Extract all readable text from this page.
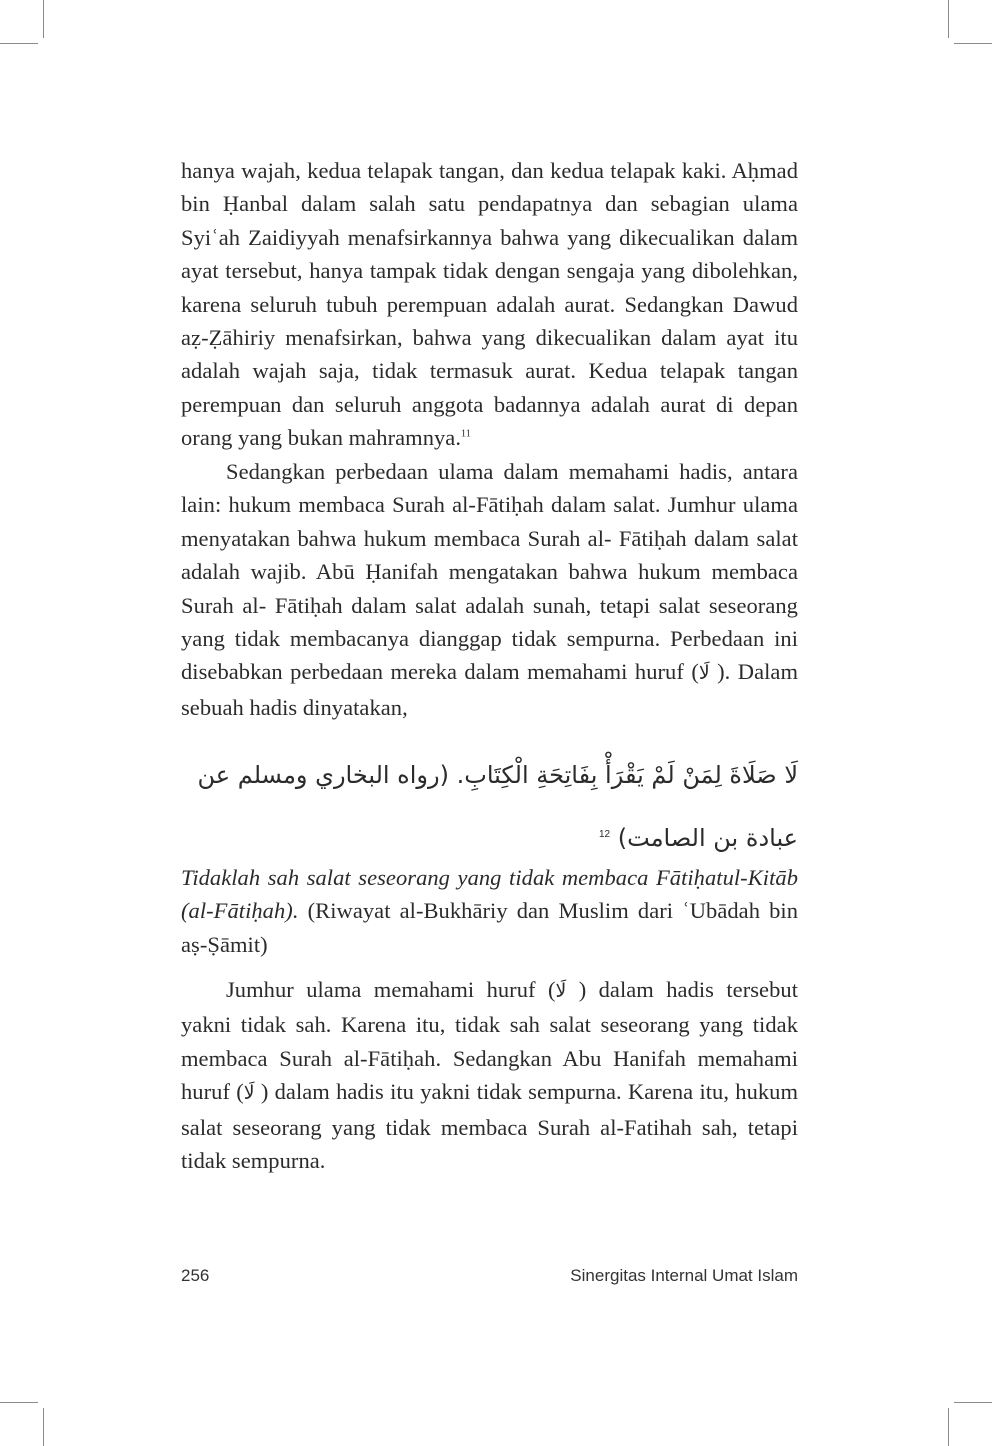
hanya wajah, kedua telapak tangan, dan kedua telapak kaki. Aḥmad bin Ḥanbal dalam salah satu pendapatnya dan sebagian ulama Syiʿah Zaidiyyah menafsirkannya bahwa yang dikecualikan dalam ayat tersebut, hanya tampak tidak dengan sengaja yang dibolehkan, karena seluruh tubuh perempuan adalah aurat. Sedangkan Dawud aẓ-Ẓāhiriy menafsirkan, bahwa yang dikecualikan dalam ayat itu adalah wajah saja, tidak termasuk aurat. Kedua telapak tangan perempuan dan seluruh anggota badannya adalah aurat di depan orang yang bukan mahramnya.$^{11}$

Sedangkan perbedaan ulama dalam memahami hadis, antara lain: hukum membaca Surah al-Fātiḥah dalam salat. Jumhur ulama menyatakan bahwa hukum membaca Surah al- Fātiḥah dalam salat adalah wajib. Abū Ḥanifah mengatakan bahwa hukum membaca Surah al- Fātiḥah dalam salat adalah sunah, tetapi salat seseorang yang tidak membacanya dianggap tidak sempurna. Perbedaan ini disebabkan perbedaan mereka dalam memahami huruf (لَا ). Dalam sebuah hadis dinyatakan,

لَا صَلَاةَ لِمَنْ لَمْ يَقْرَأْ بِفَاتِحَةِ الْكِتَابِ. (رواه البخاري ومسلم عن عبادة بن الصامت) $^{12}$

Tidaklah sah salat seseorang yang tidak membaca Fātiḥatul-Kitāb (al-Fātiḥah). (Riwayat al-Bukhāriy dan Muslim dari ʿUbādah bin aṣ-Ṣāmit)

Jumhur ulama memahami huruf (لَا ) dalam hadis tersebut yakni tidak sah. Karena itu, tidak sah salat seseorang yang tidak membaca Surah al-Fātiḥah. Sedangkan Abu Hanifah memahami huruf (لَا ) dalam hadis itu yakni tidak sempurna. Karena itu, hukum salat seseorang yang tidak membaca Surah al-Fatihah sah, tetapi tidak sempurna.

256	Sinergitas Internal Umat Islam
